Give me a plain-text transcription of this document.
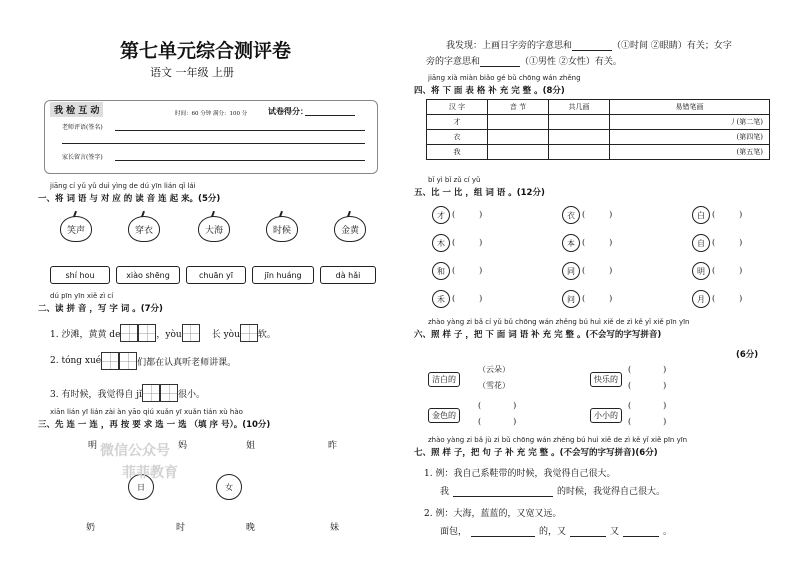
第七单元综合测评卷
语文 一年级 上册
我 检 互 动	时间：60 分钟 满分：100 分	试卷得分：
老师评语(签名)
家长留言(签字)
jiāng cí yǔ yǔ duì yìng de dú yīn lián qǐ lái
一、将 词 语 与 对 应 的 读 音 连 起 来。(5分)
笑声	穿衣	大海	时候	金黄
shí hou	xiào shēng	chuān yī	jīn huáng	dà hǎi
dú pīn yīn xiě zì cí
二、读 拼 音 ，写 字 词 。(7分)
1. 沙滩，黄黄 de	，yòu	长 yòu 软。
2. tóng xué	们都在认真听老师讲课。
3. 有时候，我觉得自 jǐ	很小。
xiān lián yī lián zài àn yāo qiú xuǎn yī xuǎn tián xù hào
三、先 连 一 连 ，再 按 要 求 选 一 选 （填 序 号）。(10分)
明	妈	姐	昨
日	女
奶	时	晚	妹
微信公众号
菲菲教育
我发现：上画日字旁的字意思和	（①时间 ②眼睛）有关；女字
旁的字意思和	（①男性 ②女性）有关。
jiāng xià miàn biǎo gé bǔ chōng wán zhěng
四、将 下 面 表 格 补 充 完 整 。(8分)
汉 字	音 节	共几画	易错笔画
才			丿(第二笔)
衣			(第四笔)
我			(第五笔)
bǐ yì bǐ zǔ cí yǔ
五、比 一 比 ，组 词 语 。(12分)
才 (　　　)	衣 (　　　)	白 (　　　)
木 (　　　)	本 (　　　)	自 (　　　)
和 (　　　)	同 (　　　)	明 (　　　)
禾 (　　　)	问 (　　　)	月 (　　　)
zhào yàng zi bǎ cí yǔ bǔ chōng wán zhěng bú huì xiě de zì kě yǐ xiě pīn yīn
六、照 样 子 ，把 下 面 词 语 补 充 完 整 。(不会写的字写拼音)
(6分)
洁白的
（云朵）
（雪花）
金色的
(　　　　)
(　　　　)
快乐的
(　　　　)
(　　　　)
小小的
(　　　　)
(　　　　)
zhào yàng zi bǎ jù zi bǔ chōng wán zhěng bú huì xiě de zì kě yǐ xiě pīn yīn
七、照 样 子，把 句 子 补 充 完 整 。(不会写的字写拼音)(6分)
1. 例：我自己系鞋带的时候，我觉得自己很大。
我	的时候，我觉得自己很大。
2. 例：大海，蓝蓝的，又宽又远。
面包，	的，又	又	。
